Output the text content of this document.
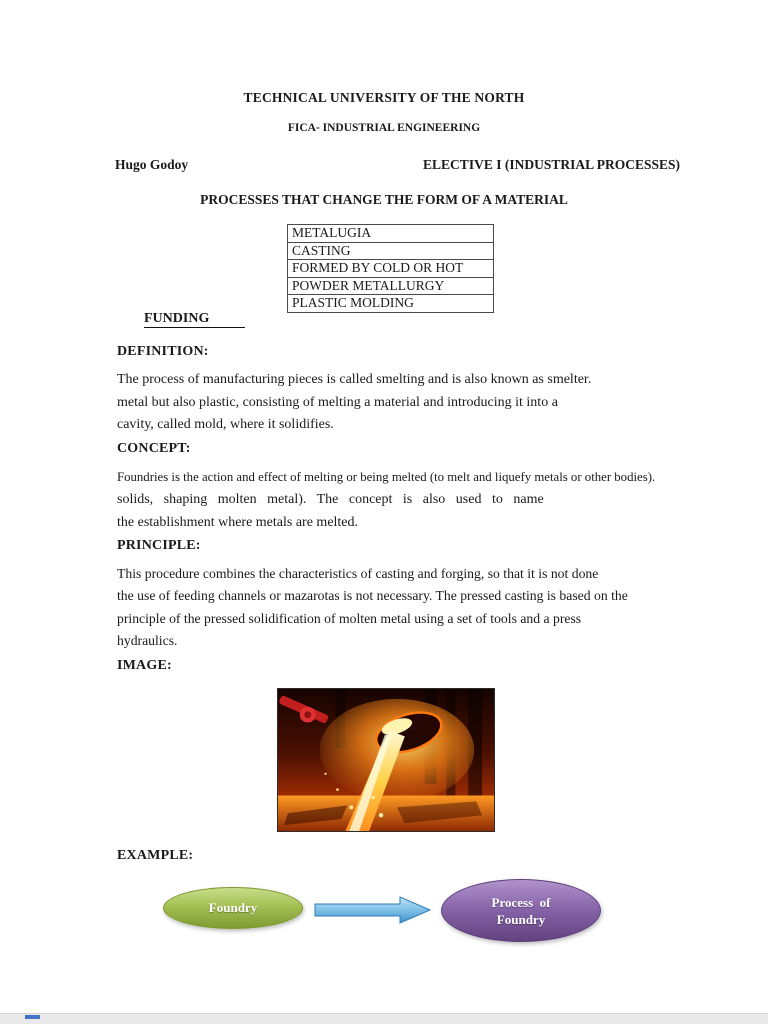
TECHNICAL UNIVERSITY OF THE NORTH
FICA- INDUSTRIAL ENGINEERING
Hugo Godoy	ELECTIVE I (INDUSTRIAL PROCESSES)
PROCESSES THAT CHANGE THE FORM OF A MATERIAL
METALUGIA
CASTING
FORMED BY COLD OR HOT
POWDER METALLURGY
PLASTIC MOLDING
FUNDING
DEFINITION:
The process of manufacturing pieces is called smelting and is also known as smelter.
metal but also plastic, consisting of melting a material and introducing it into a
cavity, called mold, where it solidifies.
CONCEPT:
Foundries is the action and effect of melting or being melted (to melt and liquefy metals or other bodies).
solids, shaping molten metal). The concept is also used to name
the establishment where metals are melted.
PRINCIPLE:
This procedure combines the characteristics of casting and forging, so that it is not done
the use of feeding channels or mazarotas is not necessary. The pressed casting is based on the
principle of the pressed solidification of molten metal using a set of tools and a press
hydraulics.
IMAGE:
EXAMPLE:
Foundry	Process  of
Foundry
